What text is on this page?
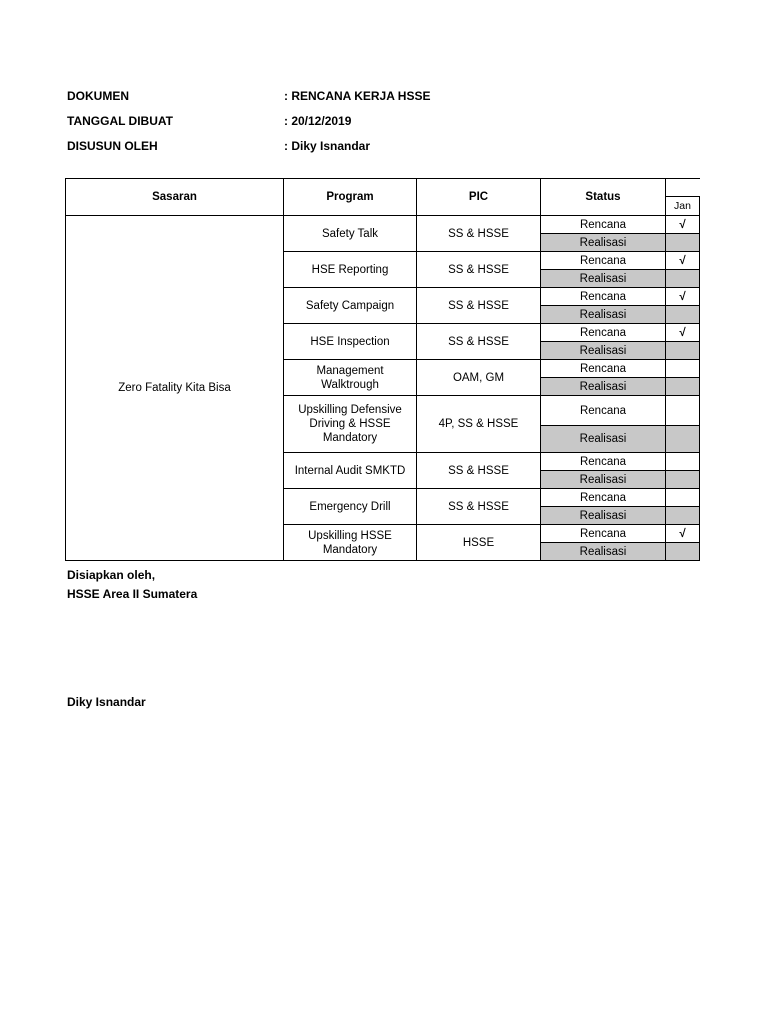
DOKUMEN	: RENCANA KERJA HSSE
TANGGAL DIBUAT	: 20/12/2019
DISUSUN OLEH	: Diky Isnandar
Sasaran	Program	PIC	Status	
				Jan
Zero Fatality Kita Bisa	Safety Talk	SS & HSSE	Rencana	√
			Realisasi	
	HSE Reporting	SS & HSSE	Rencana	√
			Realisasi	
	Safety Campaign	SS & HSSE	Rencana	√
			Realisasi	
	HSE Inspection	SS & HSSE	Rencana	√
			Realisasi	
	Management Walktrough	OAM, GM	Rencana	
			Realisasi	
	Upskilling Defensive Driving & HSSE Mandatory	4P, SS & HSSE	Rencana	
			Realisasi	
	Internal Audit SMKTD	SS & HSSE	Rencana	
			Realisasi	
	Emergency Drill	SS & HSSE	Rencana	
			Realisasi	
	Upskilling HSSE Mandatory	HSSE	Rencana	√
			Realisasi	
Disiapkan oleh,
HSSE Area II Sumatera
Diky Isnandar
